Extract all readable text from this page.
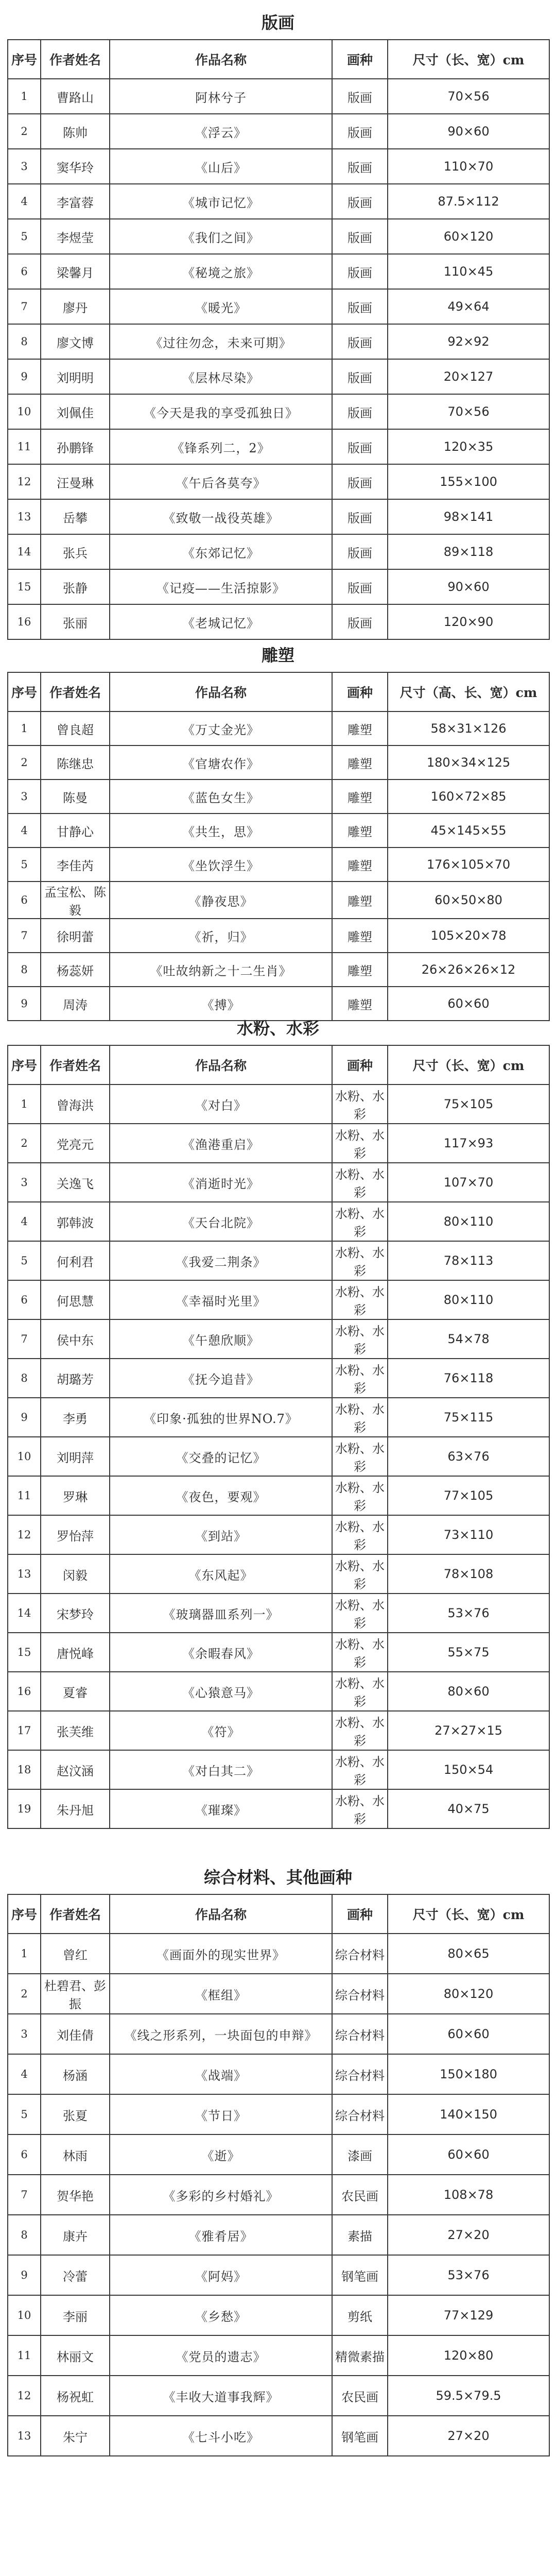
版画
序号	作者姓名	作品名称	画种	尺寸（长、宽）cm
1	曹路山	阿林兮子	版画	70×56
2	陈帅	《浮云》	版画	90×60
3	窦华玲	《山后》	版画	110×70
4	李富蓉	《城市记忆》	版画	87.5×112
5	李煜莹	《我们之间》	版画	60×120
6	梁馨月	《秘境之旅》	版画	110×45
7	廖丹	《暖光》	版画	49×64
8	廖文博	《过往勿念，未来可期》	版画	92×92
9	刘明明	《层林尽染》	版画	20×127
10	刘佩佳	《今天是我的享受孤独日》	版画	70×56
11	孙鹏锋	《锋系列二，2》	版画	120×35
12	汪曼琳	《午后各莫夸》	版画	155×100
13	岳攀	《致敬一战役英雄》	版画	98×141
14	张兵	《东郊记忆》	版画	89×118
15	张静	《记疫——生活掠影》	版画	90×60
16	张丽	《老城记忆》	版画	120×90
雕塑
序号	作者姓名	作品名称	画种	尺寸（高、长、宽）cm
1	曾良超	《万丈金光》	雕塑	58×31×126
2	陈继忠	《官塘农作》	雕塑	180×34×125
3	陈曼	《蓝色女生》	雕塑	160×72×85
4	甘静心	《共生，思》	雕塑	45×145×55
5	李佳芮	《坐饮浮生》	雕塑	176×105×70
6	孟宝松、陈毅	《静夜思》	雕塑	60×50×80
7	徐明蕾	《祈，归》	雕塑	105×20×78
8	杨蕊妍	《吐故纳新之十二生肖》	雕塑	26×26×26×12
9	周涛	《搏》	雕塑	60×60
水粉、水彩
序号	作者姓名	作品名称	画种	尺寸（长、宽）cm
1	曾海洪	《对白》	水粉、水彩	75×105
2	党亮元	《渔港重启》	水粉、水彩	117×93
3	关逸飞	《消逝时光》	水粉、水彩	107×70
4	郭韩波	《天台北院》	水粉、水彩	80×110
5	何利君	《我爱二荆条》	水粉、水彩	78×113
6	何思慧	《幸福时光里》	水粉、水彩	80×110
7	侯中东	《午憩欣顺》	水粉、水彩	54×78
8	胡璐芳	《抚今追昔》	水粉、水彩	76×118
9	李勇	《印象·孤独的世界NO.7》	水粉、水彩	75×115
10	刘明萍	《交叠的记忆》	水粉、水彩	63×76
11	罗琳	《夜色，要观》	水粉、水彩	77×105
12	罗怡萍	《到站》	水粉、水彩	73×110
13	闵毅	《东风起》	水粉、水彩	78×108
14	宋梦玲	《玻璃器皿系列一》	水粉、水彩	53×76
15	唐悦峰	《余暇春风》	水粉、水彩	55×75
16	夏睿	《心猿意马》	水粉、水彩	80×60
17	张芙维	《符》	水粉、水彩	27×27×15
18	赵汶涵	《对白其二》	水粉、水彩	150×54
19	朱丹旭	《璀璨》	水粉、水彩	40×75
综合材料、其他画种
序号	作者姓名	作品名称	画种	尺寸（长、宽）cm
1	曾红	《画面外的现实世界》	综合材料	80×65
2	杜碧君、彭振	《框组》	综合材料	80×120
3	刘佳倩	《线之形系列，一块面包的申辩》	综合材料	60×60
4	杨涵	《战端》	综合材料	150×180
5	张夏	《节日》	综合材料	140×150
6	林雨	《逝》	漆画	60×60
7	贺华艳	《多彩的乡村婚礼》	农民画	108×78
8	康卉	《雅肴居》	素描	27×20
9	冷蕾	《阿妈》	钢笔画	53×76
10	李丽	《乡愁》	剪纸	77×129
11	林丽文	《党员的遗志》	精微素描	120×80
12	杨祝虹	《丰收大道事我辉》	农民画	59.5×79.5
13	朱宁	《七斗小吃》	钢笔画	27×20
